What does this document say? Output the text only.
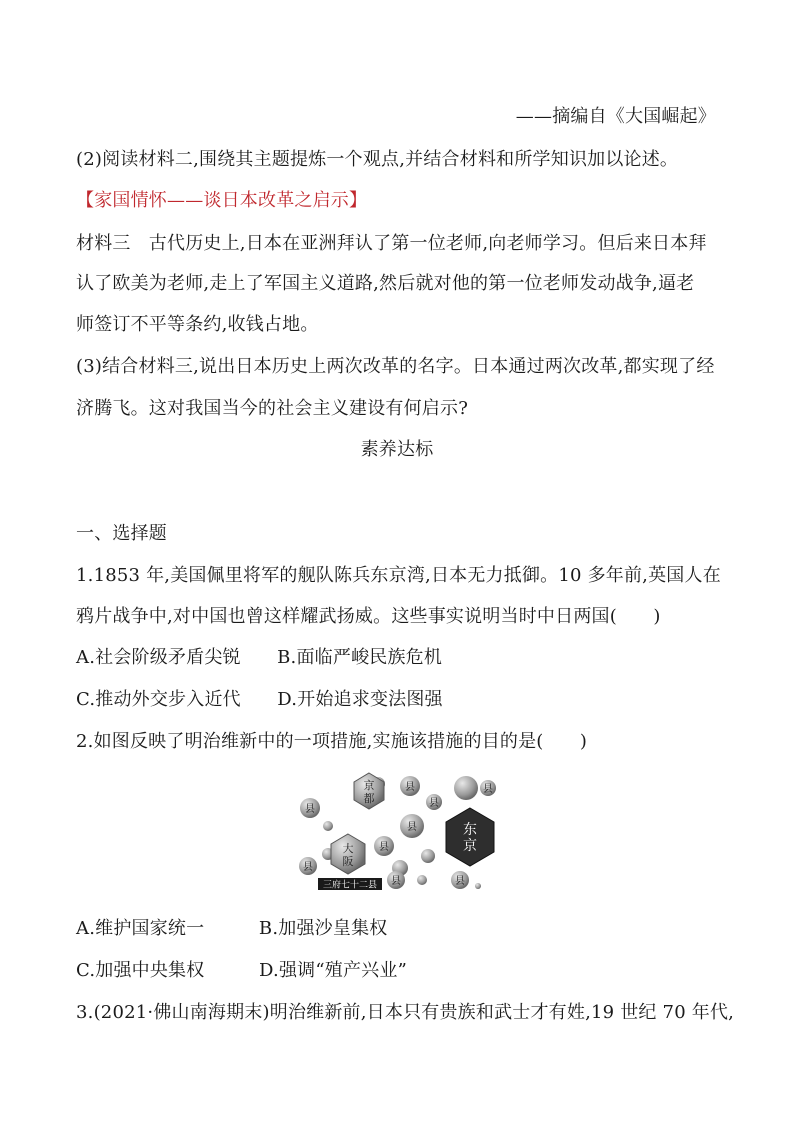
——摘编自《大国崛起》
(2)阅读材料二,围绕其主题提炼一个观点,并结合材料和所学知识加以论述。
【家国情怀——谈日本改革之启示】
材料三　古代历史上,日本在亚洲拜认了第一位老师,向老师学习。但后来日本拜
认了欧美为老师,走上了军国主义道路,然后就对他的第一位老师发动战争,逼老
师签订不平等条约,收钱占地。
(3)结合材料三,说出日本历史上两次改革的名字。日本通过两次改革,都实现了经
济腾飞。这对我国当今的社会主义建设有何启示?
素养达标
一、选择题
1.1853 年,美国佩里将军的舰队陈兵东京湾,日本无力抵御。10 多年前,英国人在
鸦片战争中,对中国也曾这样耀武扬威。这些事实说明当时中日两国(　　)
A.社会阶级矛盾尖锐　　B.面临严峻民族危机
C.推动外交步入近代　　D.开始追求变法图强
2.如图反映了明治维新中的一项措施,实施该措施的目的是(　　)
县
县
县
县
县
县
县
县	县
京都
大阪
东京
三府七十二县
A.维护国家统一　　　B.加强沙皇集权
C.加强中央集权　　　D.强调“殖产兴业”
3.(2021·佛山南海期末)明治维新前,日本只有贵族和武士才有姓,19 世纪 70 年代,
